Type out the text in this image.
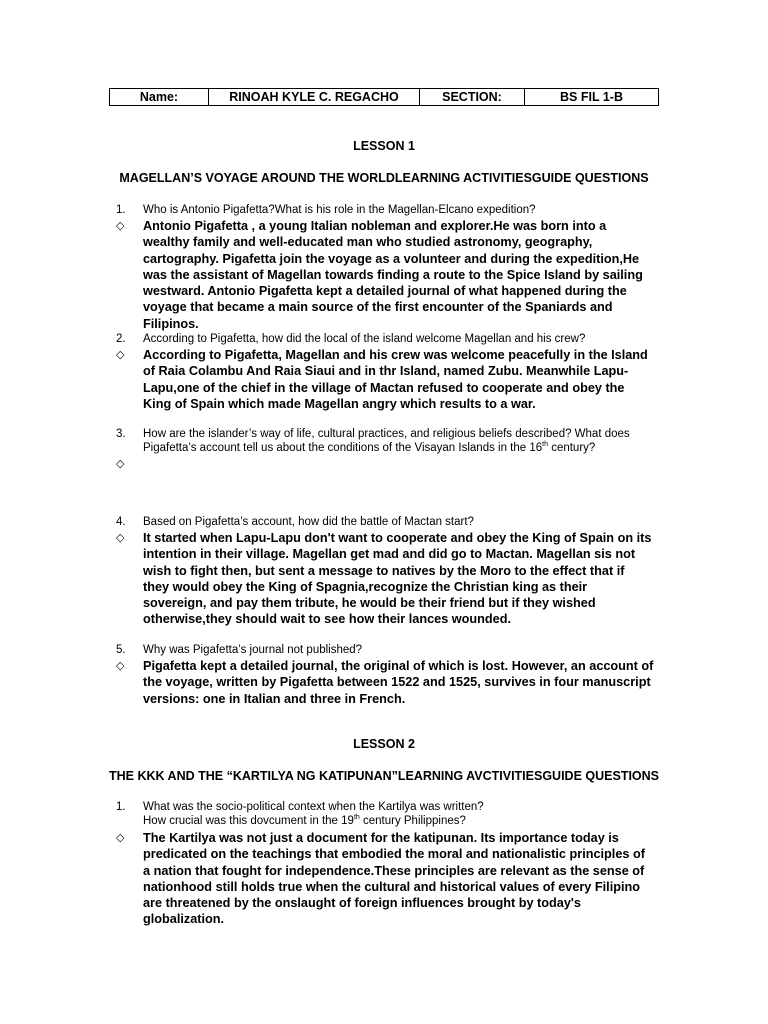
Name:	RINOAH KYLE C. REGACHO	SECTION:	BS FIL 1-B
LESSON 1
MAGELLAN’S VOYAGE AROUND THE WORLDLEARNING ACTIVITIESGUIDE QUESTIONS
1.	Who is Antonio Pigafetta?What is his role in the Magellan-Elcano expedition?
◇	Antonio Pigafetta , a young Italian nobleman and explorer.He was born into a wealthy family and well-educated man who studied astronomy, geography, cartography. Pigafetta join the voyage as a volunteer and during the expedition,He was the assistant of Magellan towards finding a route to the Spice Island by sailing westward. Antonio Pigafetta kept a detailed journal of what happened during the voyage that became a main source of the first encounter of the Spaniards and Filipinos.
2.	According to Pigafetta, how did the local of the island welcome Magellan and his crew?
◇	According to Pigafetta, Magellan and his crew was welcome peacefully in the Island of Raia Colambu And Raia Siaui and in thr Island, named Zubu. Meanwhile Lapu-Lapu,one of the chief in the village of Mactan refused to cooperate and obey the King of Spain which made Magellan angry which results to a war.
3.	How are the islander’s way of life, cultural practices, and religious beliefs described? What does Pigafetta’s account tell us about the conditions of the Visayan Islands in the 16th century?
◇
4.	Based on Pigafetta’s account, how did the battle of Mactan start?
◇	It started when Lapu-Lapu don't want to cooperate and obey the King of Spain on its intention in their village. Magellan get mad and did go to Mactan. Magellan sis not wish to fight then, but sent a message to natives by the Moro to the effect that if they would obey the King of Spagnia,recognize the Christian king as their sovereign, and pay them tribute, he would be their friend but if they wished otherwise,they should wait to see how their lances wounded.
5.	Why was Pigafetta’s journal not published?
◇	Pigafetta kept a detailed journal, the original of which is lost. However, an account of the voyage, written by Pigafetta between 1522 and 1525, survives in four manuscript versions: one in Italian and three in French.
LESSON 2
THE KKK AND THE “KARTILYA NG KATIPUNAN”LEARNING AVCTIVITIESGUIDE QUESTIONS
1.	What was the socio-political context when the Kartilya was written?
How crucial was this dovcument in the 19th century Philippines?
◇	The Kartilya was not just a document for the katipunan. Its importance today is predicated on the teachings that embodied the moral and nationalistic principles of a nation that fought for independence.These principles are relevant as the sense of nationhood still holds true when the cultural and historical values of every Filipino are threatened by the onslaught of foreign influences brought by today's globalization.
